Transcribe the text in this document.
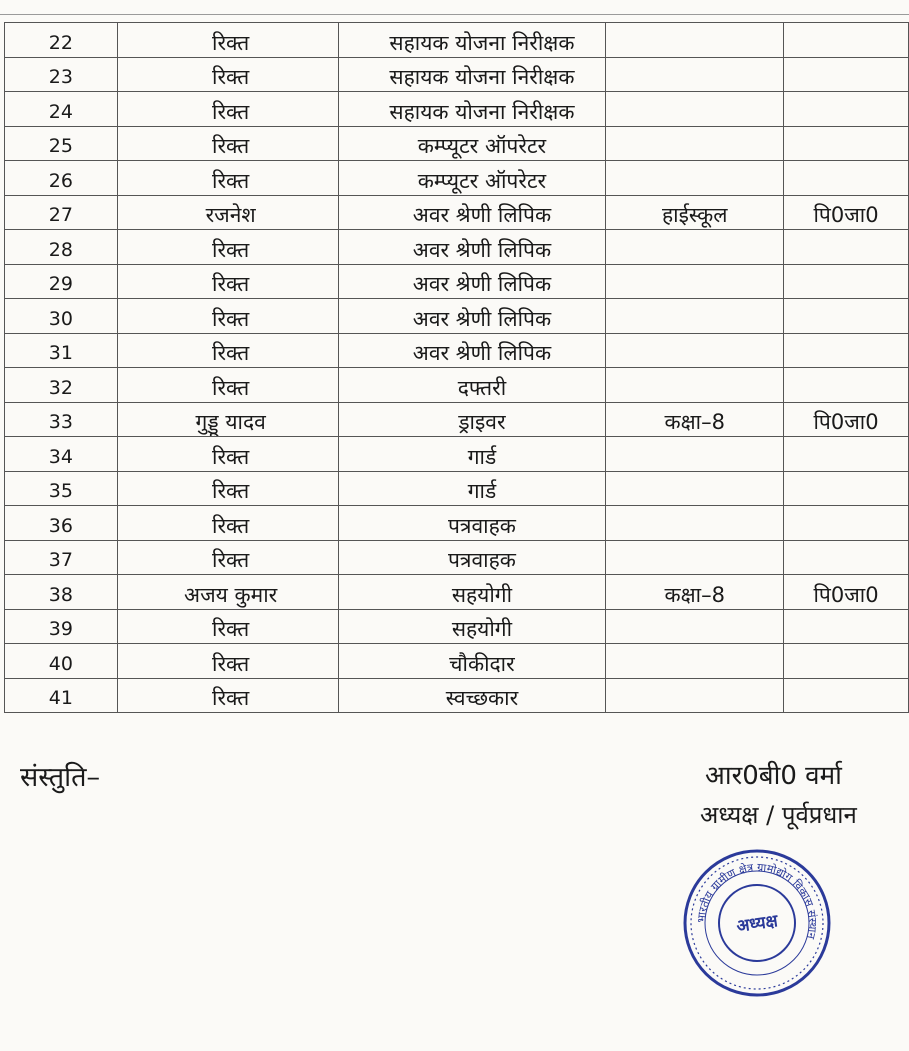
22	रिक्त	सहायक योजना निरीक्षक		
23	रिक्त	सहायक योजना निरीक्षक		
24	रिक्त	सहायक योजना निरीक्षक		
25	रिक्त	कम्प्यूटर ऑपरेटर		
26	रिक्त	कम्प्यूटर ऑपरेटर		
27	रजनेश	अवर श्रेणी लिपिक	हाईस्कूल	पि0जा0
28	रिक्त	अवर श्रेणी लिपिक		
29	रिक्त	अवर श्रेणी लिपिक		
30	रिक्त	अवर श्रेणी लिपिक		
31	रिक्त	अवर श्रेणी लिपिक		
32	रिक्त	दफ्तरी		
33	गुड्डू यादव	ड्राइवर	कक्षा–8	पि0जा0
34	रिक्त	गार्ड		
35	रिक्त	गार्ड		
36	रिक्त	पत्रवाहक		
37	रिक्त	पत्रवाहक		
38	अजय कुमार	सहयोगी	कक्षा–8	पि0जा0
39	रिक्त	सहयोगी		
40	रिक्त	चौकीदार		
41	रिक्त	स्वच्छकार		
संस्तुति–	आर0बी0 वर्मा
अध्यक्ष / पूर्वप्रधान
भारतीय ग्रामीण क्षेत्र ग्रामोद्योग विकास संस्थान
अध्यक्ष
